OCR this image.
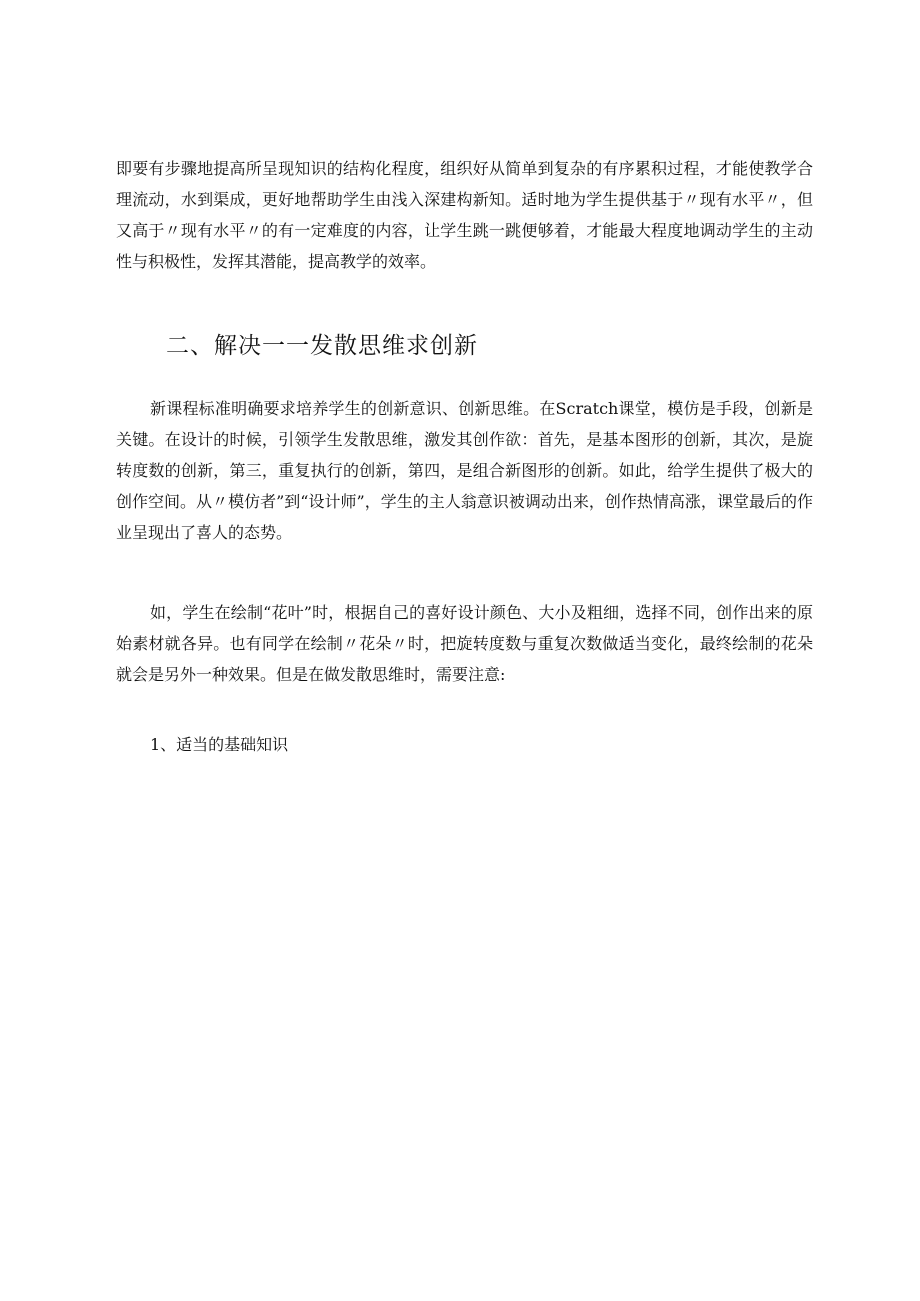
即要有步骤地提高所呈现知识的结构化程度，组织好从简单到复杂的有序累积过程，才能使教学合理流动，水到渠成，更好地帮助学生由浅入深建构新知。适时地为学生提供基于〃现有水平〃，但又高于〃现有水平〃的有一定难度的内容，让学生跳一跳便够着，才能最大程度地调动学生的主动性与积极性，发挥其潜能，提高教学的效率。

二、解决一一发散思维求创新

新课程标准明确要求培养学生的创新意识、创新思维。在Scratch课堂，模仿是手段，创新是关键。在设计的时候，引领学生发散思维，激发其创作欲：首先，是基本图形的创新，其次，是旋转度数的创新，第三，重复执行的创新，第四，是组合新图形的创新。如此，给学生提供了极大的创作空间。从〃模仿者”到“设计师”，学生的主人翁意识被调动出来，创作热情高涨，课堂最后的作业呈现出了喜人的态势。

如，学生在绘制“花叶”时，根据自己的喜好设计颜色、大小及粗细，选择不同，创作出来的原始素材就各异。也有同学在绘制〃花朵〃时，把旋转度数与重复次数做适当变化，最终绘制的花朵就会是另外一种效果。但是在做发散思维时，需要注意:

1、适当的基础知识
